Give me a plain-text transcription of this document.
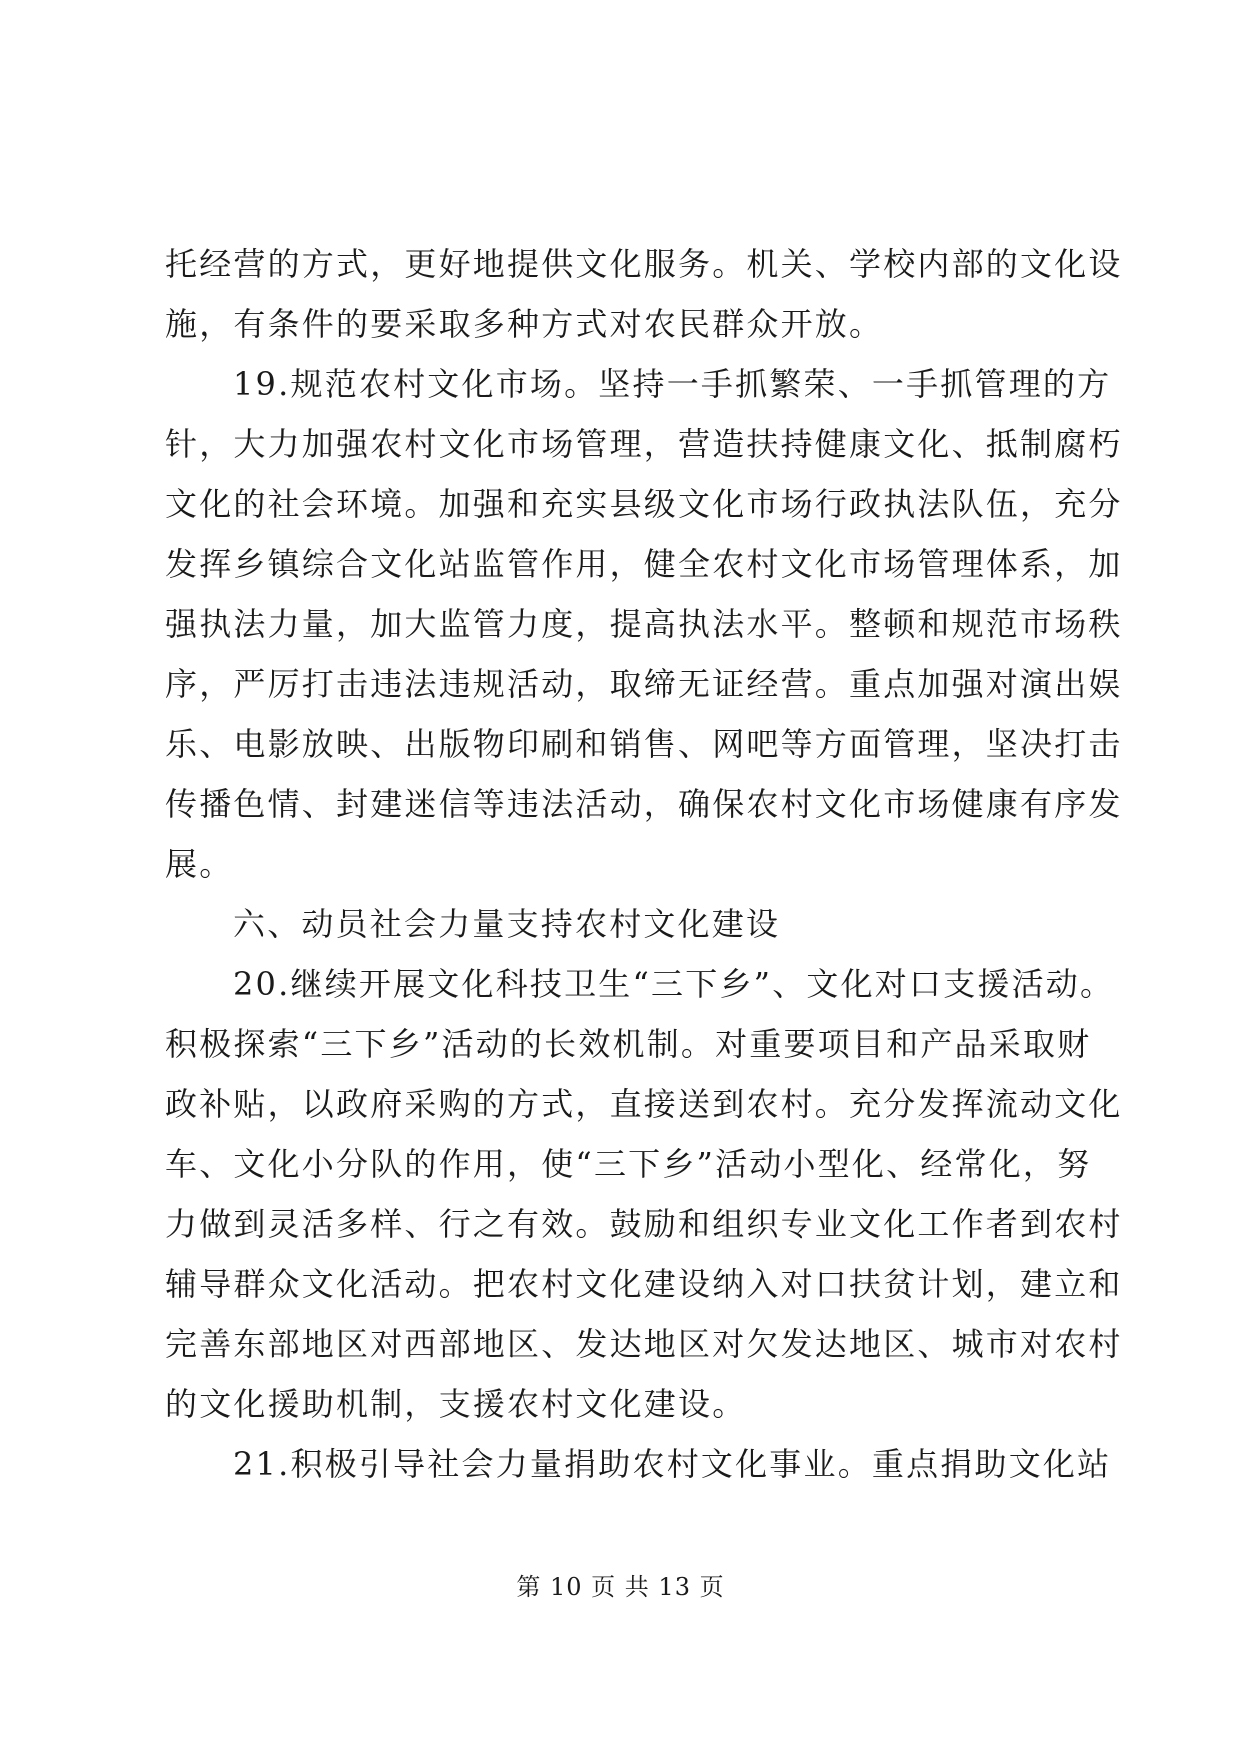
托经营的方式，更好地提供文化服务。机关、学校内部的文化设
施，有条件的要采取多种方式对农民群众开放。
19.规范农村文化市场。坚持一手抓繁荣、一手抓管理的方
针，大力加强农村文化市场管理，营造扶持健康文化、抵制腐朽
文化的社会环境。加强和充实县级文化市场行政执法队伍，充分
发挥乡镇综合文化站监管作用，健全农村文化市场管理体系，加
强执法力量，加大监管力度，提高执法水平。整顿和规范市场秩
序，严厉打击违法违规活动，取缔无证经营。重点加强对演出娱
乐、电影放映、出版物印刷和销售、网吧等方面管理，坚决打击
传播色情、封建迷信等违法活动，确保农村文化市场健康有序发
展。
六、动员社会力量支持农村文化建设
20.继续开展文化科技卫生“三下乡”、文化对口支援活动。
积极探索“三下乡”活动的长效机制。对重要项目和产品采取财
政补贴，以政府采购的方式，直接送到农村。充分发挥流动文化
车、文化小分队的作用，使“三下乡”活动小型化、经常化，努
力做到灵活多样、行之有效。鼓励和组织专业文化工作者到农村
辅导群众文化活动。把农村文化建设纳入对口扶贫计划，建立和
完善东部地区对西部地区、发达地区对欠发达地区、城市对农村
的文化援助机制，支援农村文化建设。
21.积极引导社会力量捐助农村文化事业。重点捐助文化站
第 10 页 共 13 页
